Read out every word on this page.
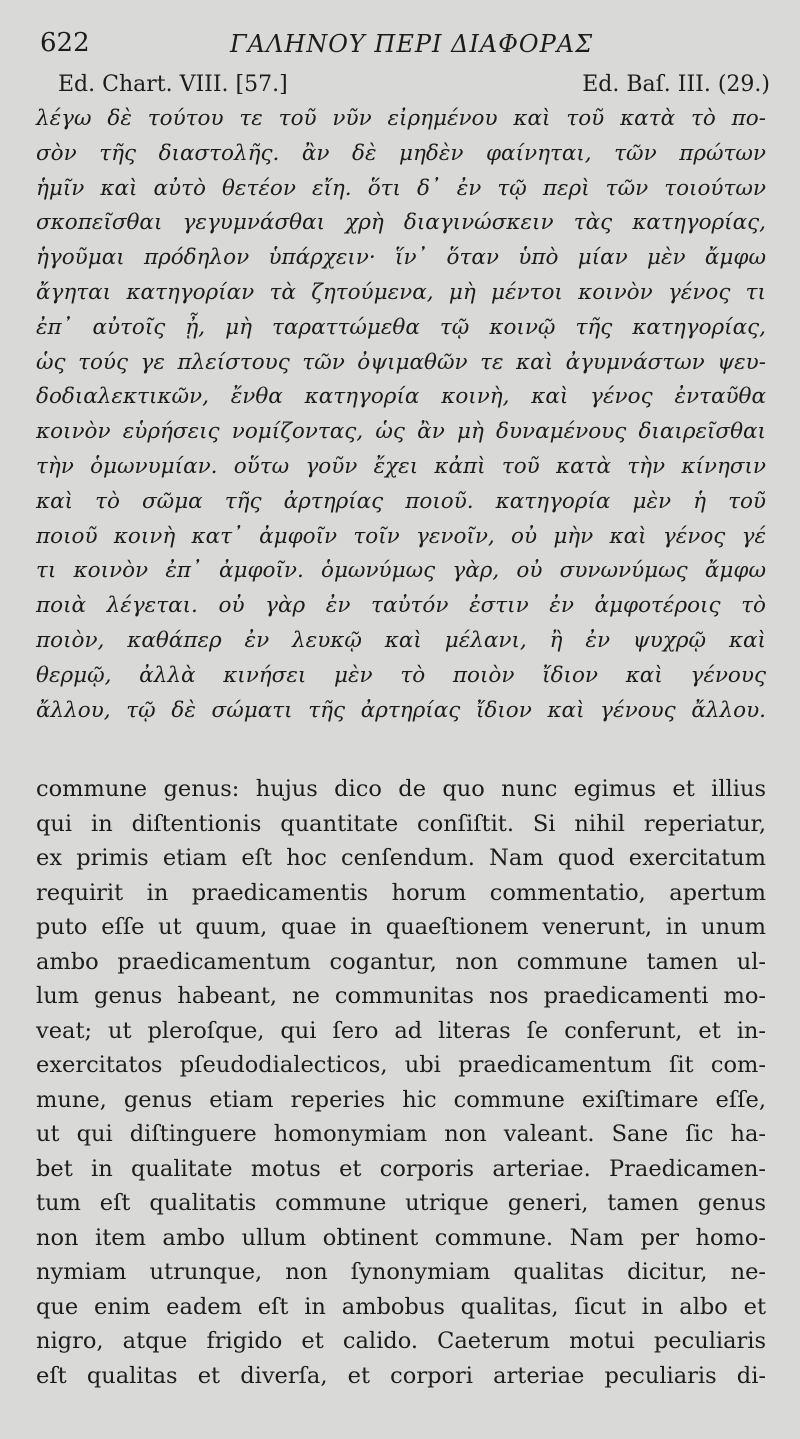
622	ΓΑΛΗΝΟΥ ΠΕΡΙ ΔΙΑΦΟΡΑΣ
Ed. Chart. VIII. [57.]	Ed. Baſ. III. (29.)
λέγω δὲ τούτου τε τοῦ νῦν εἰρημένου καὶ τοῦ κατὰ τὸ πο-
σὸν τῆς διαστολῆς. ἂν δὲ μηδὲν φαίνηται, τῶν πρώτων
ἡμῖν καὶ αὐτὸ θετέον εἴη. ὅτι δ᾽ ἐν τῷ περὶ τῶν τοιούτων
σκοπεῖσθαι γεγυμνάσθαι χρὴ διαγινώσκειν τὰς κατηγορίας,
ἡγοῦμαι πρόδηλον ὑπάρχειν· ἵν᾽ ὅταν ὑπὸ μίαν μὲν ἄμφω
ἄγηται κατηγορίαν τὰ ζητούμενα, μὴ μέντοι κοινὸν γένος τι
ἐπ᾽ αὐτοῖς ᾖ, μὴ ταραττώμεθα τῷ κοινῷ τῆς κατηγορίας,
ὡς τούς γε πλείστους τῶν ὀψιμαθῶν τε καὶ ἀγυμνάστων ψευ-
δοδιαλεκτικῶν, ἔνθα κατηγορία κοινὴ, καὶ γένος ἐνταῦθα
κοινὸν εὑρήσεις νομίζοντας, ὡς ἂν μὴ δυναμένους διαιρεῖσθαι
τὴν ὁμωνυμίαν. οὕτω γοῦν ἔχει κἀπὶ τοῦ κατὰ τὴν κίνησιν
καὶ τὸ σῶμα τῆς ἀρτηρίας ποιοῦ. κατηγορία μὲν ἡ τοῦ
ποιοῦ κοινὴ κατ᾽ ἀμφοῖν τοῖν γενοῖν, οὐ μὴν καὶ γένος γέ
τι κοινὸν ἐπ᾽ ἀμφοῖν. ὁμωνύμως γὰρ, οὐ συνωνύμως ἄμφω
ποιὰ λέγεται. οὐ γὰρ ἐν ταὐτόν ἐστιν ἐν ἀμφοτέροις τὸ
ποιὸν, καθάπερ ἐν λευκῷ καὶ μέλανι, ἢ ἐν ψυχρῷ καὶ
θερμῷ, ἀλλὰ κινήσει μὲν τὸ ποιὸν ἴδιον καὶ γένους
ἄλλου, τῷ δὲ σώματι τῆς ἀρτηρίας ἴδιον καὶ γένους ἄλλου.
commune genus: hujus dico de quo nunc egimus et illius
qui in diſtentionis quantitate conſiſtit. Si nihil reperiatur,
ex primis etiam eſt hoc cenſendum. Nam quod exercitatum
requirit in praedicamentis horum commentatio, apertum
puto eſſe ut quum, quae in quaeſtionem venerunt, in unum
ambo praedicamentum cogantur, non commune tamen ul-
lum genus habeant, ne communitas nos praedicamenti mo-
veat; ut pleroſque, qui ſero ad literas ſe conferunt, et in-
exercitatos pſeudodialecticos, ubi praedicamentum ſit com-
mune, genus etiam reperies hic commune exiſtimare eſſe,
ut qui diſtinguere homonymiam non valeant. Sane ſic ha-
bet in qualitate motus et corporis arteriae. Praedicamen-
tum eſt qualitatis commune utrique generi, tamen genus
non item ambo ullum obtinent commune. Nam per homo-
nymiam utrunque, non ſynonymiam qualitas dicitur, ne-
que enim eadem eſt in ambobus qualitas, ſicut in albo et
nigro, atque frigido et calido. Caeterum motui peculiaris
eſt qualitas et diverſa, et corpori arteriae peculiaris di-
